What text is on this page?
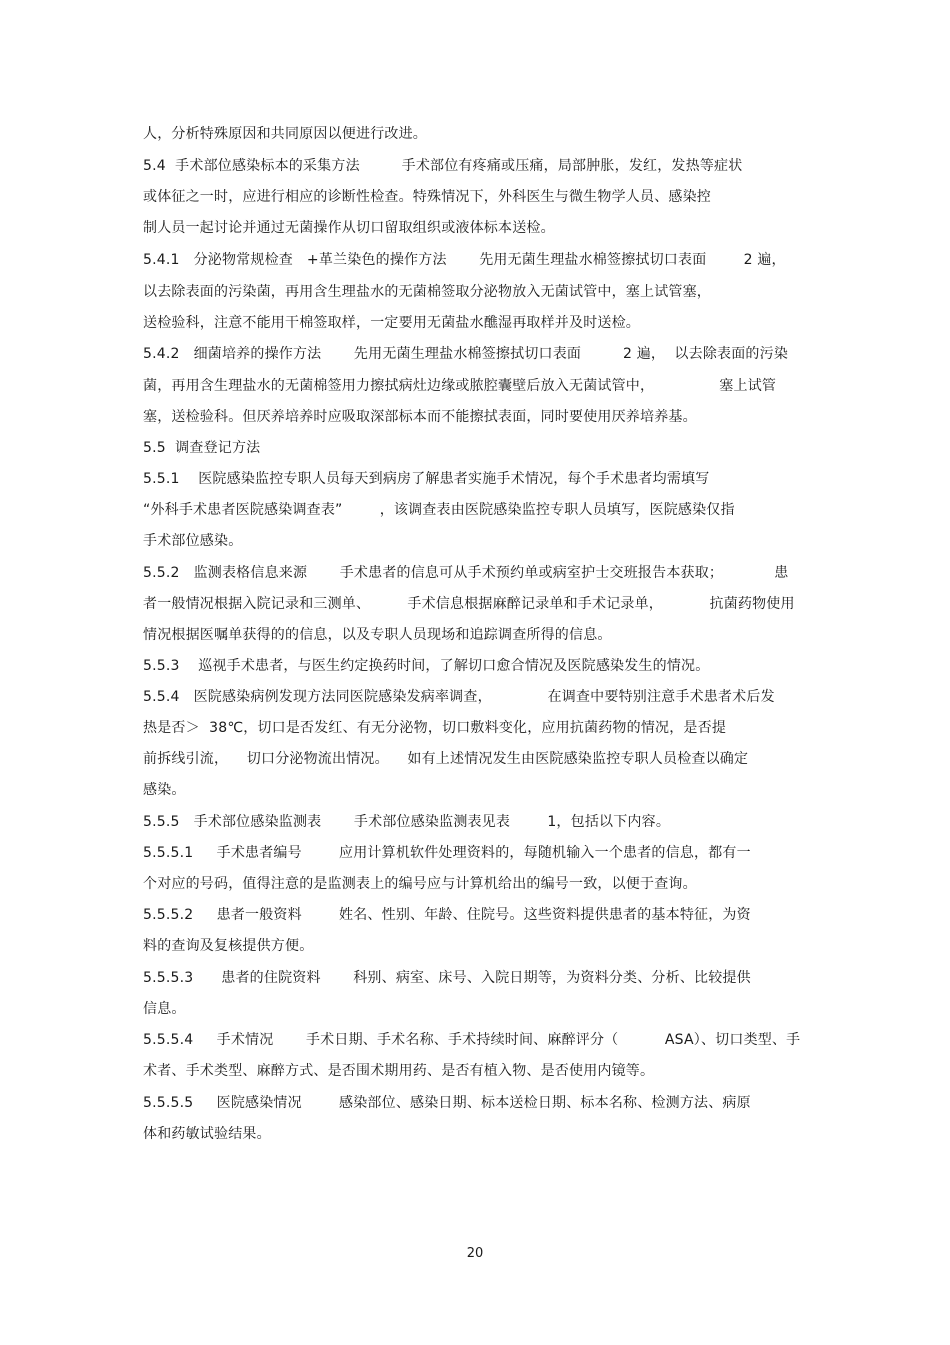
人，分析特殊原因和共同原因以便进行改进。
5.4  手术部位感染标本的采集方法         手术部位有疼痛或压痛，局部肿胀，发红，发热等症状
或体征之一时，应进行相应的诊断性检查。特殊情况下，外科医生与微生物学人员、感染控
制人员一起讨论并通过无菌操作从切口留取组织或液体标本送检。
5.4.1   分泌物常规检查   +革兰染色的操作方法       先用无菌生理盐水棉签擦拭切口表面        2 遍，
以去除表面的污染菌，再用含生理盐水的无菌棉签取分泌物放入无菌试管中，塞上试管塞，
送检验科，注意不能用干棉签取样，一定要用无菌盐水醮湿再取样并及时送检。
5.4.2   细菌培养的操作方法       先用无菌生理盐水棉签擦拭切口表面         2 遍，  以去除表面的污染
菌，再用含生理盐水的无菌棉签用力擦拭病灶边缘或脓腔囊壁后放入无菌试管中，              塞上试管
塞，送检验科。但厌养培养时应吸取深部标本而不能擦拭表面，同时要使用厌养培养基。
5.5  调查登记方法
5.5.1    医院感染监控专职人员每天到病房了解患者实施手术情况，每个手术患者均需填写
“外科手术患者医院感染调查表”        ，该调查表由医院感染监控专职人员填写，医院感染仅指
手术部位感染。
5.5.2   监测表格信息来源       手术患者的信息可从手术预约单或病室护士交班报告本获取；           患
者一般情况根据入院记录和三测单、        手术信息根据麻醉记录单和手术记录单，          抗菌药物使用
情况根据医嘱单获得的的信息，以及专职人员现场和追踪调查所得的信息。
5.5.3    巡视手术患者，与医生约定换药时间，了解切口愈合情况及医院感染发生的情况。
5.5.4   医院感染病例发现方法同医院感染发病率调查，            在调查中要特别注意手术患者术后发
热是否＞  38℃，切口是否发红、有无分泌物，切口敷料变化，应用抗菌药物的情况，是否提
前拆线引流，    切口分泌物流出情况。    如有上述情况发生由医院感染监控专职人员检查以确定
感染。
5.5.5   手术部位感染监测表       手术部位感染监测表见表        1，包括以下内容。
5.5.5.1     手术患者编号        应用计算机软件处理资料的，每随机输入一个患者的信息，都有一
个对应的号码，值得注意的是监测表上的编号应与计算机给出的编号一致，以便于查询。
5.5.5.2     患者一般资料        姓名、性别、年龄、住院号。这些资料提供患者的基本特征，为资
料的查询及复核提供方便。
5.5.5.3      患者的住院资料       科别、病室、床号、入院日期等，为资料分类、分析、比较提供
信息。
5.5.5.4     手术情况       手术日期、手术名称、手术持续时间、麻醉评分（          ASA）、切口类型、手
术者、手术类型、麻醉方式、是否围术期用药、是否有植入物、是否使用内镜等。
5.5.5.5     医院感染情况        感染部位、感染日期、标本送检日期、标本名称、检测方法、病原
体和药敏试验结果。
20
